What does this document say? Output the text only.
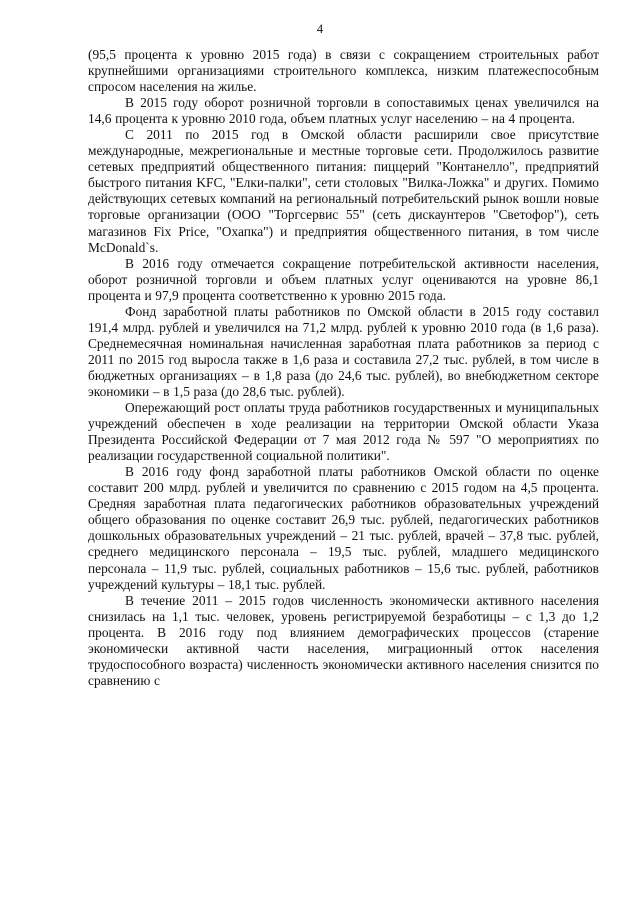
4

(95,5 процента к уровню 2015 года) в связи с сокращением строительных работ крупнейшими организациями строительного комплекса, низким платежеспособным спросом населения на жилье.

В 2015 году оборот розничной торговли в сопоставимых ценах увеличился на 14,6 процента к уровню 2010 года, объем платных услуг населению – на 4 процента.

С 2011 по 2015 год в Омской области расширили свое присутствие международные, межрегиональные и местные торговые сети. Продолжилось развитие сетевых предприятий общественного питания: пиццерий "Контанелло", предприятий быстрого питания KFC, "Елки-палки", сети столовых "Вилка-Ложка" и других. Помимо действующих сетевых компаний на региональный потребительский рынок вошли новые торговые организации (ООО "Торгсервис 55" (сеть дискаунтеров "Светофор"), сеть магазинов Fix Price, "Охапка") и предприятия общественного питания, в том числе McDonald`s.

В 2016 году отмечается сокращение потребительской активности населения, оборот розничной торговли и объем платных услуг оцениваются на уровне 86,1 процента и 97,9 процента соответственно к уровню 2015 года.

Фонд заработной платы работников по Омской области в 2015 году составил 191,4 млрд. рублей и увеличился на 71,2 млрд. рублей к уровню 2010 года (в 1,6 раза). Среднемесячная номинальная начисленная заработная плата работников за период с 2011 по 2015 год выросла также в 1,6 раза и составила 27,2 тыс. рублей, в том числе в бюджетных организациях – в 1,8 раза (до 24,6 тыс. рублей), во внебюджетном секторе экономики – в 1,5 раза (до 28,6 тыс. рублей).

Опережающий рост оплаты труда работников государственных и муниципальных учреждений обеспечен в ходе реализации на территории Омской области Указа Президента Российской Федерации от 7 мая 2012 года № 597 "О мероприятиях по реализации государственной социальной политики".

В 2016 году фонд заработной платы работников Омской области по оценке составит 200 млрд. рублей и увеличится по сравнению с 2015 годом на 4,5 процента. Средняя заработная плата педагогических работников образовательных учреждений общего образования по оценке составит 26,9 тыс. рублей, педагогических работников дошкольных образовательных учреждений – 21 тыс. рублей, врачей – 37,8 тыс. рублей, среднего медицинского персонала – 19,5 тыс. рублей, младшего медицинского персонала – 11,9 тыс. рублей, социальных работников – 15,6 тыс. рублей, работников учреждений культуры – 18,1 тыс. рублей.

В течение 2011 – 2015 годов численность экономически активного населения снизилась на 1,1 тыс. человек, уровень регистрируемой безработицы – с 1,3 до 1,2 процента. В 2016 году под влиянием демографических процессов (старение экономически активной части населения, миграционный отток населения трудоспособного возраста) численность экономически активного населения снизится по сравнению с
